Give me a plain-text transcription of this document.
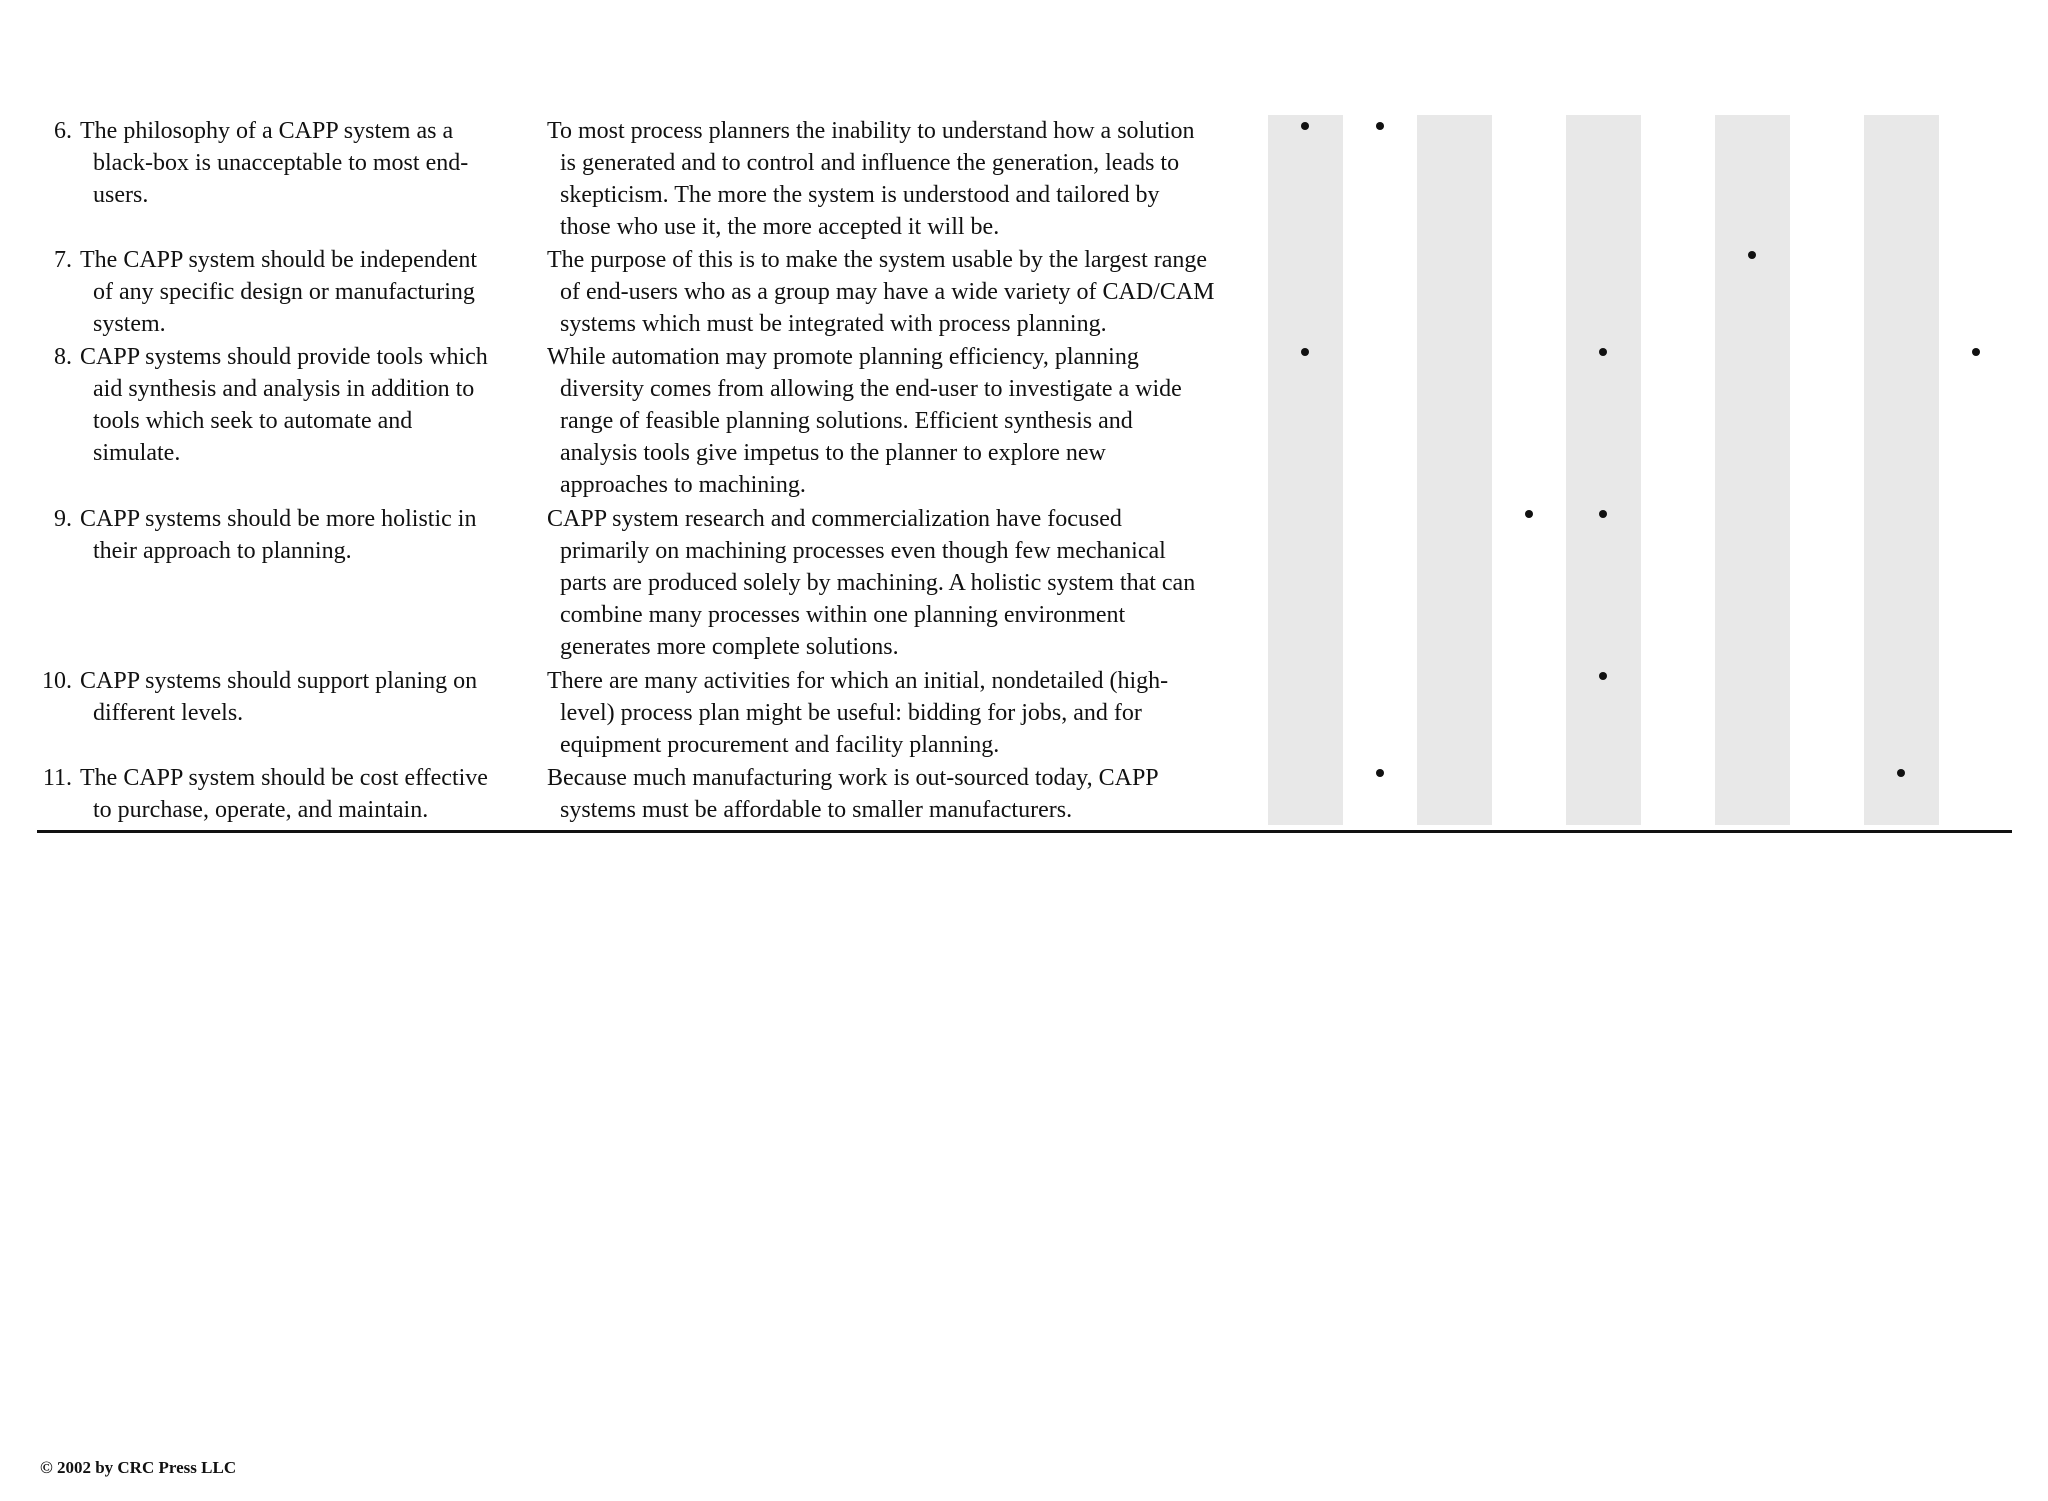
6. The philosophy of a CAPP system as a
black-box is unacceptable to most end-
users.
To most process planners the inability to understand how a solution
is generated and to control and influence the generation, leads to
skepticism. The more the system is understood and tailored by
those who use it, the more accepted it will be.
7. The CAPP system should be independent
of any specific design or manufacturing
system.
The purpose of this is to make the system usable by the largest range
of end-users who as a group may have a wide variety of CAD/CAM
systems which must be integrated with process planning.
8. CAPP systems should provide tools which
aid synthesis and analysis in addition to
tools which seek to automate and
simulate.
While automation may promote planning efficiency, planning
diversity comes from allowing the end-user to investigate a wide
range of feasible planning solutions. Efficient synthesis and
analysis tools give impetus to the planner to explore new
approaches to machining.
9. CAPP systems should be more holistic in
their approach to planning.
CAPP system research and commercialization have focused
primarily on machining processes even though few mechanical
parts are produced solely by machining. A holistic system that can
combine many processes within one planning environment
generates more complete solutions.
10. CAPP systems should support planing on
different levels.
There are many activities for which an initial, nondetailed (high-
level) process plan might be useful: bidding for jobs, and for
equipment procurement and facility planning.
11. The CAPP system should be cost effective
to purchase, operate, and maintain.
Because much manufacturing work is out-sourced today, CAPP
systems must be affordable to smaller manufacturers.
© 2002 by CRC Press LLC
